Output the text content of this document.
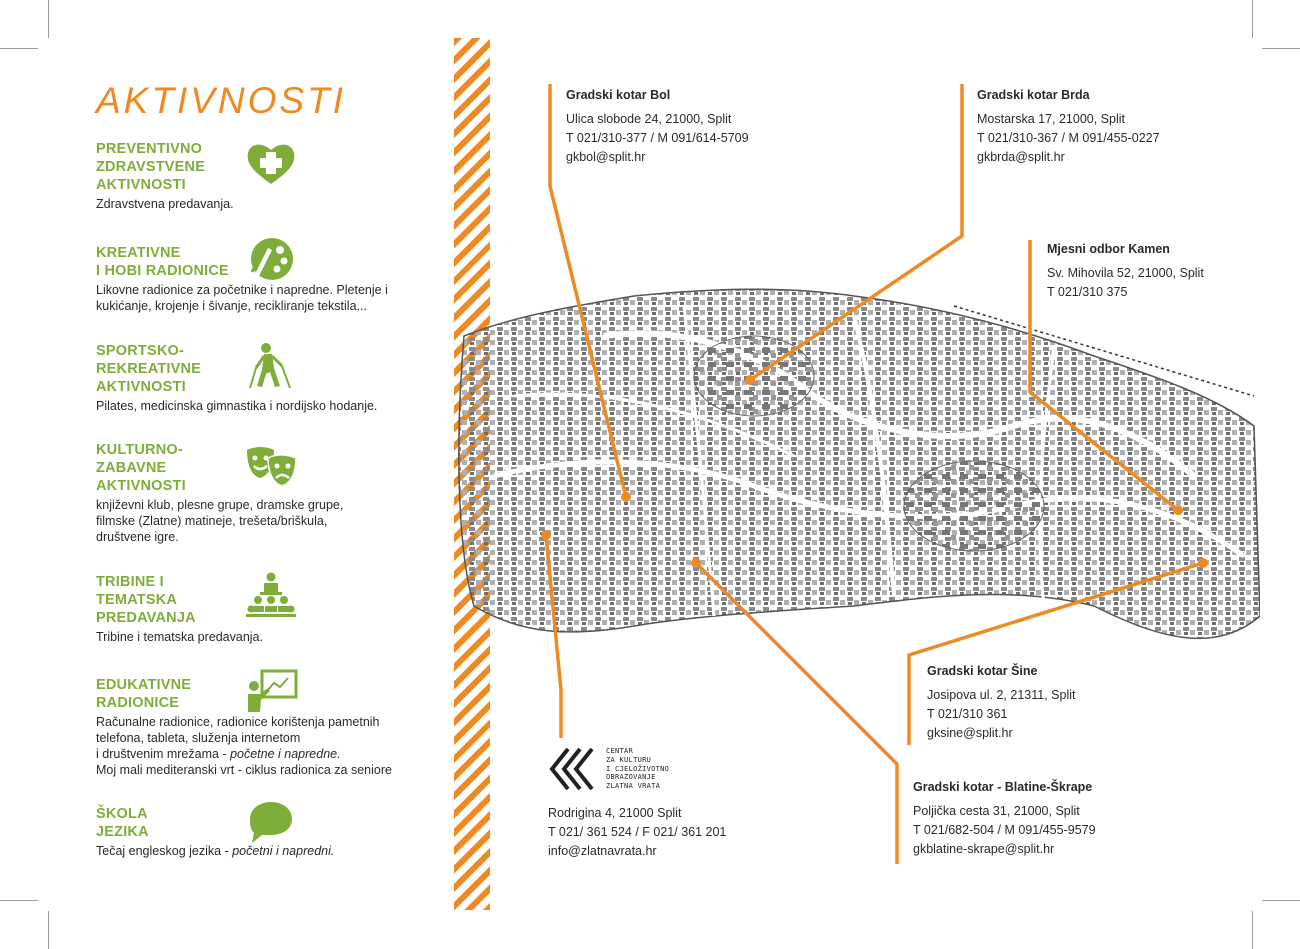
AKTIVNOSTI

PREVENTIVNO
ZDRAVSTVENE
AKTIVNOSTI

Zdravstvena predavanja.

KREATIVNE
I HOBI RADIONICE

Likovne radionice za početnike i napredne. Pletenje i kukićanje, krojenje i šivanje, recikliranje tekstila...

SPORTSKO-
REKREATIVNE
AKTIVNOSTI

Pilates, medicinska gimnastika i nordijsko hodanje.

KULTURNO-
ZABAVNE
AKTIVNOSTI

književni klub, plesne grupe, dramske grupe,
filmske (Zlatne) matineje, trešeta/briškula,
društvene igre.

TRIBINE I
TEMATSKA
PREDAVANJA

Tribine i tematska predavanja.

EDUKATIVNE
RADIONICE

Računalne radionice, radionice korištenja pametnih
telefona, tableta, služenja internetom
i društvenim mrežama - početne i napredne.
Moj mali mediteranski vrt - ciklus radionica za seniore

ŠKOLA
JEZIKA

Tečaj engleskog jezika - početni i napredni.
Gradski kotar Bol
Ulica slobode 24, 21000, Split
T 021/310-377 / M 091/614-5709
gkbol@split.hr
Gradski kotar Brda
Mostarska 17, 21000, Split
T 021/310-367 / M 091/455-0227
gkbrda@split.hr
Mjesni odbor Kamen
Sv. Mihovila 52, 21000, Split
T 021/310 375
Gradski kotar Šine
Josipova ul. 2, 21311, Split
T 021/310 361
gksine@split.hr
Gradski kotar - Blatine-Škrape
Poljička cesta 31, 21000, Split
T 021/682-504 / M 091/455-9579
gkblatine-skrape@split.hr
CENTAR
ZA KULTURU
I CJELOŽIVOTNO
OBRAZOVANJE
ZLATNA VRATA
Rodrigina 4, 21000 Split
T 021/ 361 524 / F 021/ 361 201
info@zlatnavrata.hr
